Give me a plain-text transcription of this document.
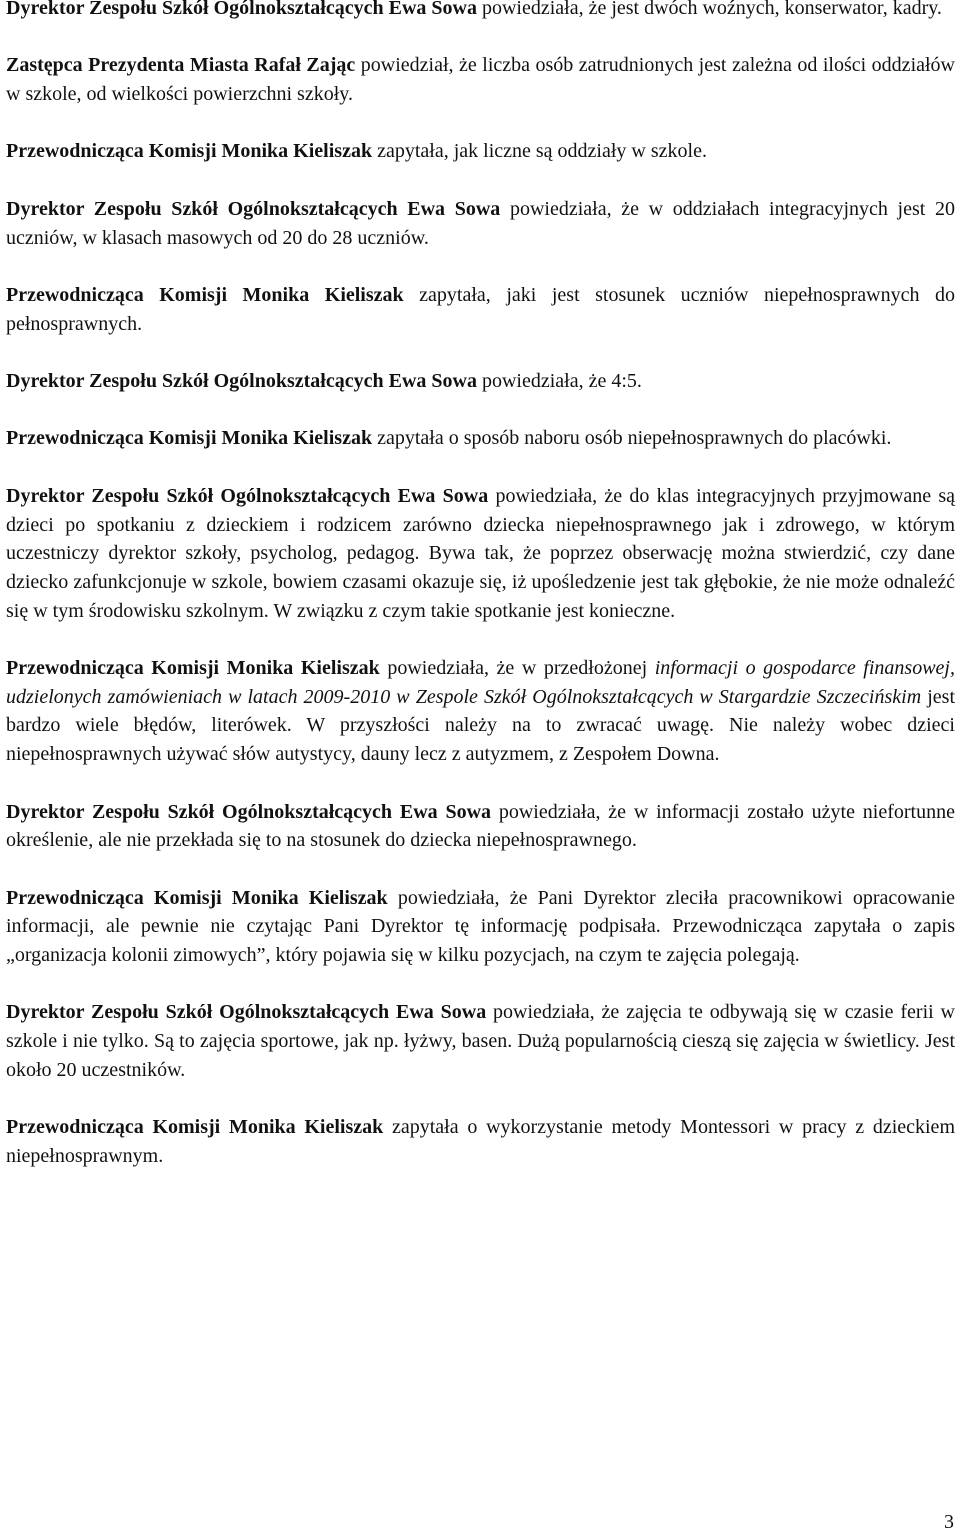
Dyrektor Zespołu Szkół Ogólnokształcących Ewa Sowa powiedziała, że jest dwóch woźnych, konserwator, kadry.

Zastępca Prezydenta Miasta Rafał Zając powiedział, że liczba osób zatrudnionych jest zależna od ilości oddziałów w szkole, od wielkości powierzchni szkoły.

Przewodnicząca Komisji Monika Kieliszak zapytała, jak liczne są oddziały w szkole.

Dyrektor Zespołu Szkół Ogólnokształcących Ewa Sowa powiedziała, że w oddziałach integracyjnych jest 20 uczniów, w klasach masowych od 20 do 28 uczniów.

Przewodnicząca Komisji Monika Kieliszak zapytała, jaki jest stosunek uczniów niepełnosprawnych do pełnosprawnych.

Dyrektor Zespołu Szkół Ogólnokształcących Ewa Sowa powiedziała, że 4:5.

Przewodnicząca Komisji Monika Kieliszak zapytała o sposób naboru osób niepełnosprawnych do placówki.

Dyrektor Zespołu Szkół Ogólnokształcących Ewa Sowa powiedziała, że do klas integracyjnych przyjmowane są dzieci po spotkaniu z dzieckiem i rodzicem zarówno dziecka niepełnosprawnego jak i zdrowego, w którym uczestniczy dyrektor szkoły, psycholog, pedagog. Bywa tak, że poprzez obserwację można stwierdzić, czy dane dziecko zafunkcjonuje w szkole, bowiem czasami okazuje się, iż upośledzenie jest tak głębokie, że nie może odnaleźć się w tym środowisku szkolnym. W związku z czym takie spotkanie jest konieczne.

Przewodnicząca Komisji Monika Kieliszak powiedziała, że w przedłożonej informacji o gospodarce finansowej, udzielonych zamówieniach w latach 2009-2010 w Zespole Szkół Ogólnokształcących w Stargardzie Szczecińskim jest bardzo wiele błędów, literówek. W przyszłości należy na to zwracać uwagę. Nie należy wobec dzieci niepełnosprawnych używać słów autystycy, dauny lecz z autyzmem, z Zespołem Downa.

Dyrektor Zespołu Szkół Ogólnokształcących Ewa Sowa powiedziała, że w informacji zostało użyte niefortunne określenie, ale nie przekłada się to na stosunek do dziecka niepełnosprawnego.

Przewodnicząca Komisji Monika Kieliszak powiedziała, że Pani Dyrektor zleciła pracownikowi opracowanie informacji, ale pewnie nie czytając Pani Dyrektor tę informację podpisała. Przewodnicząca zapytała o zapis „organizacja kolonii zimowych”, który pojawia się w kilku pozycjach, na czym te zajęcia polegają.

Dyrektor Zespołu Szkół Ogólnokształcących Ewa Sowa powiedziała, że zajęcia te odbywają się w czasie ferii w szkole i nie tylko. Są to zajęcia sportowe, jak np. łyżwy, basen. Dużą popularnością cieszą się zajęcia w świetlicy. Jest około 20 uczestników.

Przewodnicząca Komisji Monika Kieliszak zapytała o wykorzystanie metody Montessori w pracy z dzieckiem niepełnosprawnym.

3
